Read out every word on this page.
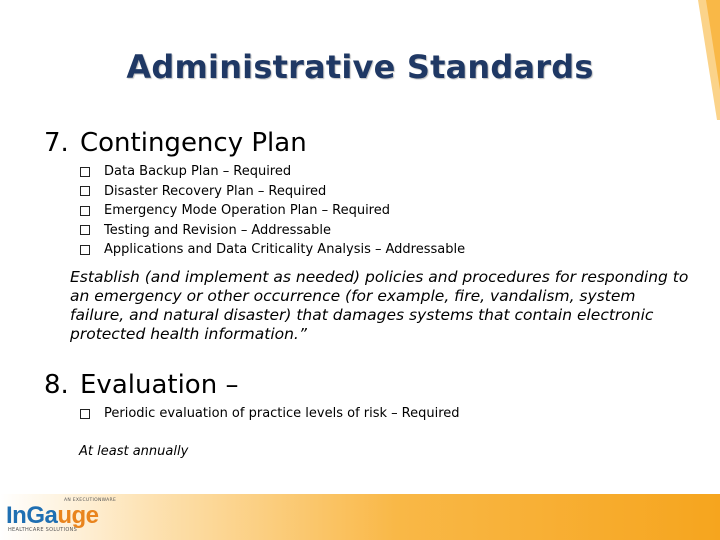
Administrative Standards
7. Contingency Plan
Data Backup Plan – Required
Disaster Recovery Plan – Required
Emergency Mode Operation Plan – Required
Testing and Revision – Addressable
Applications and Data Criticality Analysis – Addressable
Establish (and implement as needed) policies and procedures for responding to an emergency or other occurrence (for example, fire, vandalism, system failure, and natural disaster) that damages systems that contain electronic protected health information.”
8. Evaluation –
Periodic evaluation of practice levels of risk – Required
At least annually
AN EXECUTIONWARE
InGauge
HEALTHCARE SOLUTIONS
